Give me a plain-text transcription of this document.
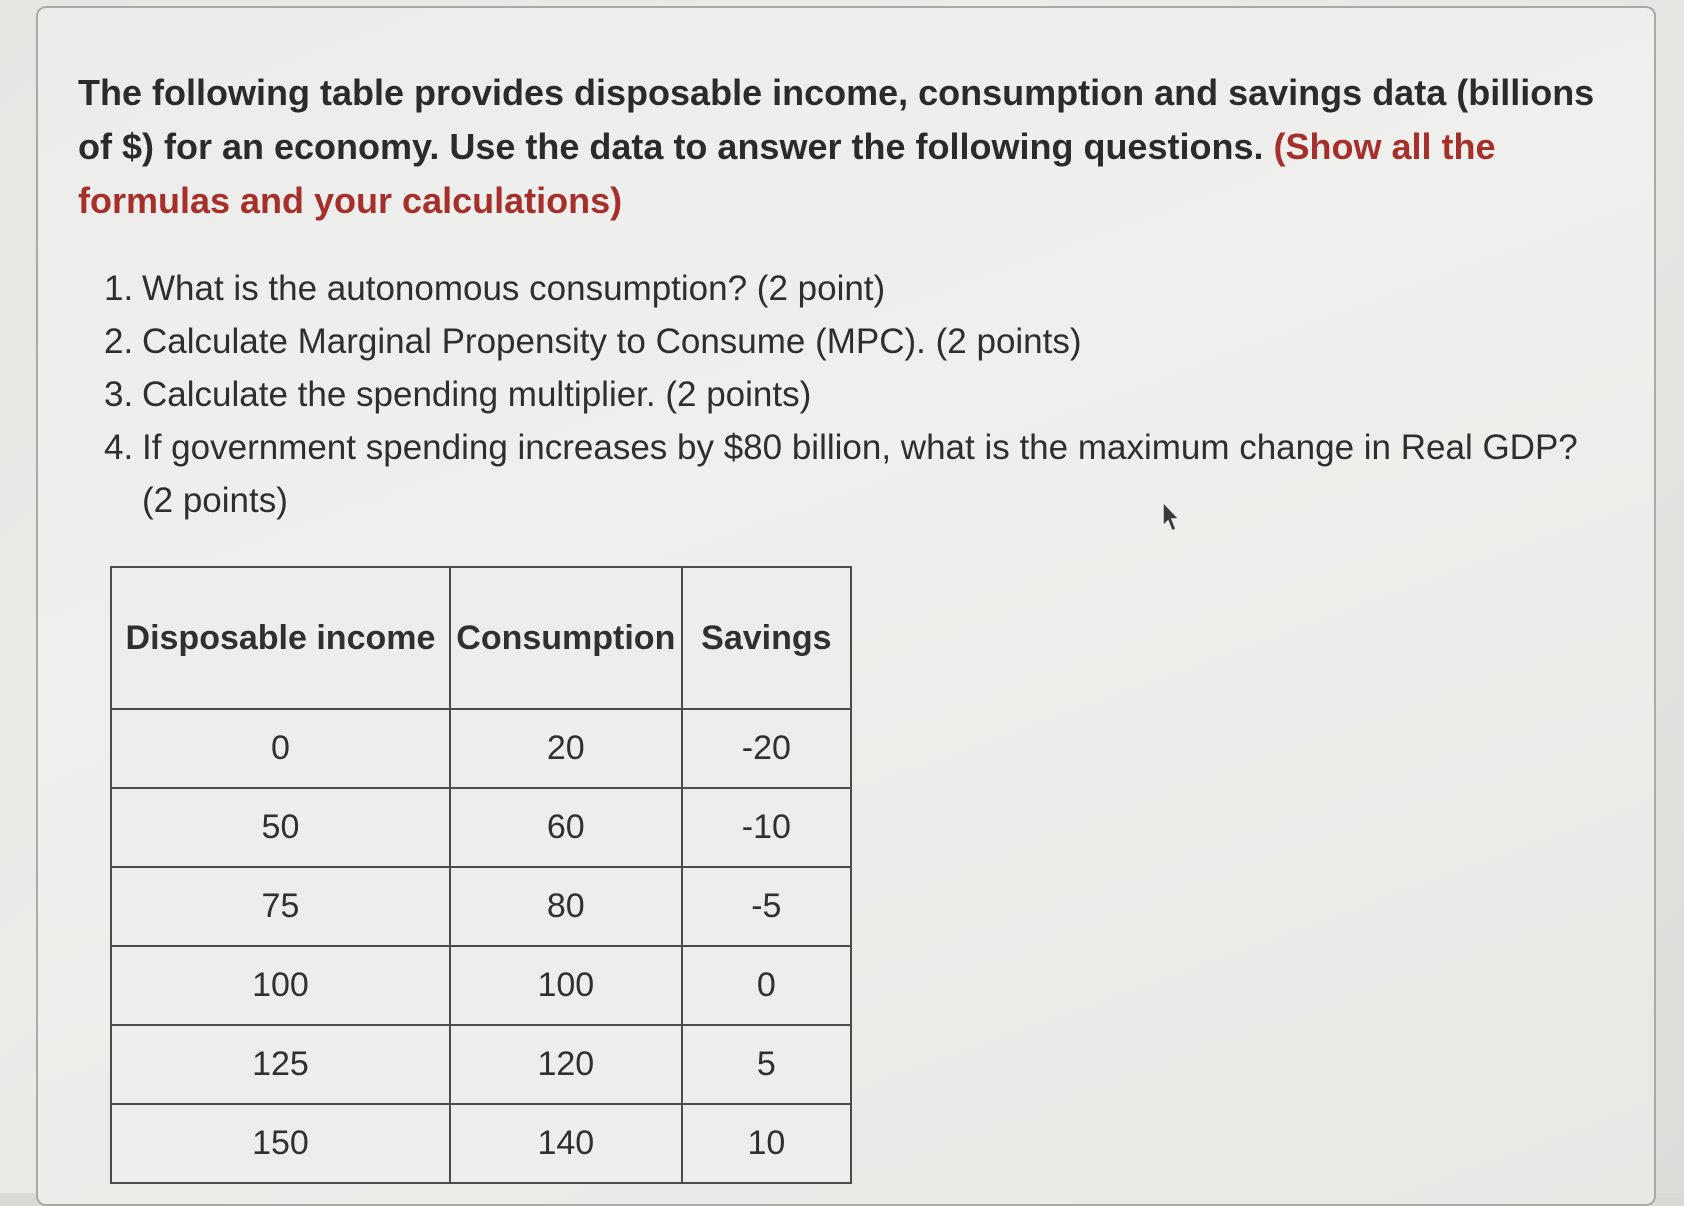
The following table provides disposable income, consumption and savings data (billions of $) for an economy. Use the data to answer the following questions. (Show all the formulas and your calculations)

1. What is the autonomous consumption? (2 point)
2. Calculate Marginal Propensity to Consume (MPC). (2 points)
3. Calculate the spending multiplier. (2 points)
4. If government spending increases by $80 billion, what is the maximum change in Real GDP? (2 points)
Disposable income	Consumption	Savings
0	20	-20
50	60	-10
75	80	-5
100	100	0
125	120	5
150	140	10
